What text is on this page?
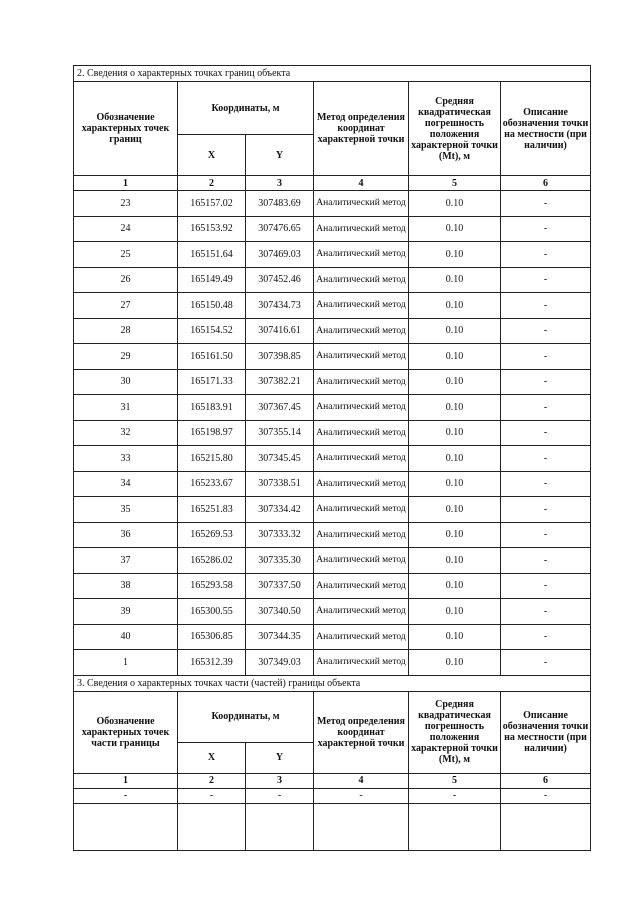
2. Сведения о характерных точках границ объекта					
Обозначение характерных точек границ	Координаты, м		Метод определения координат характерной точки	Средняя квадратическая погрешность положения характерной точки (Mt), м	Описание обозначения точки на местности (при наличии)
	X	Y			
1	2	3	4	5	6
23	165157.02	307483.69	Аналитический метод	0.10	-
24	165153.92	307476.65	Аналитический метод	0.10	-
25	165151.64	307469.03	Аналитический метод	0.10	-
26	165149.49	307452.46	Аналитический метод	0.10	-
27	165150.48	307434.73	Аналитический метод	0.10	-
28	165154.52	307416.61	Аналитический метод	0.10	-
29	165161.50	307398.85	Аналитический метод	0.10	-
30	165171.33	307382.21	Аналитический метод	0.10	-
31	165183.91	307367.45	Аналитический метод	0.10	-
32	165198.97	307355.14	Аналитический метод	0.10	-
33	165215.80	307345.45	Аналитический метод	0.10	-
34	165233.67	307338.51	Аналитический метод	0.10	-
35	165251.83	307334.42	Аналитический метод	0.10	-
36	165269.53	307333.32	Аналитический метод	0.10	-
37	165286.02	307335.30	Аналитический метод	0.10	-
38	165293.58	307337.50	Аналитический метод	0.10	-
39	165300.55	307340.50	Аналитический метод	0.10	-
40	165306.85	307344.35	Аналитический метод	0.10	-
1	165312.39	307349.03	Аналитический метод	0.10	-
3. Сведения о характерных точках части (частей) границы объекта					
Обозначение характерных точек части границы	Координаты, м		Метод определения координат характерной точки	Средняя квадратическая погрешность положения характерной точки (Mt), м	Описание обозначения точки на местности (при наличии)
	X	Y			
1	2	3	4	5	6
-	-	-	-	-	-
